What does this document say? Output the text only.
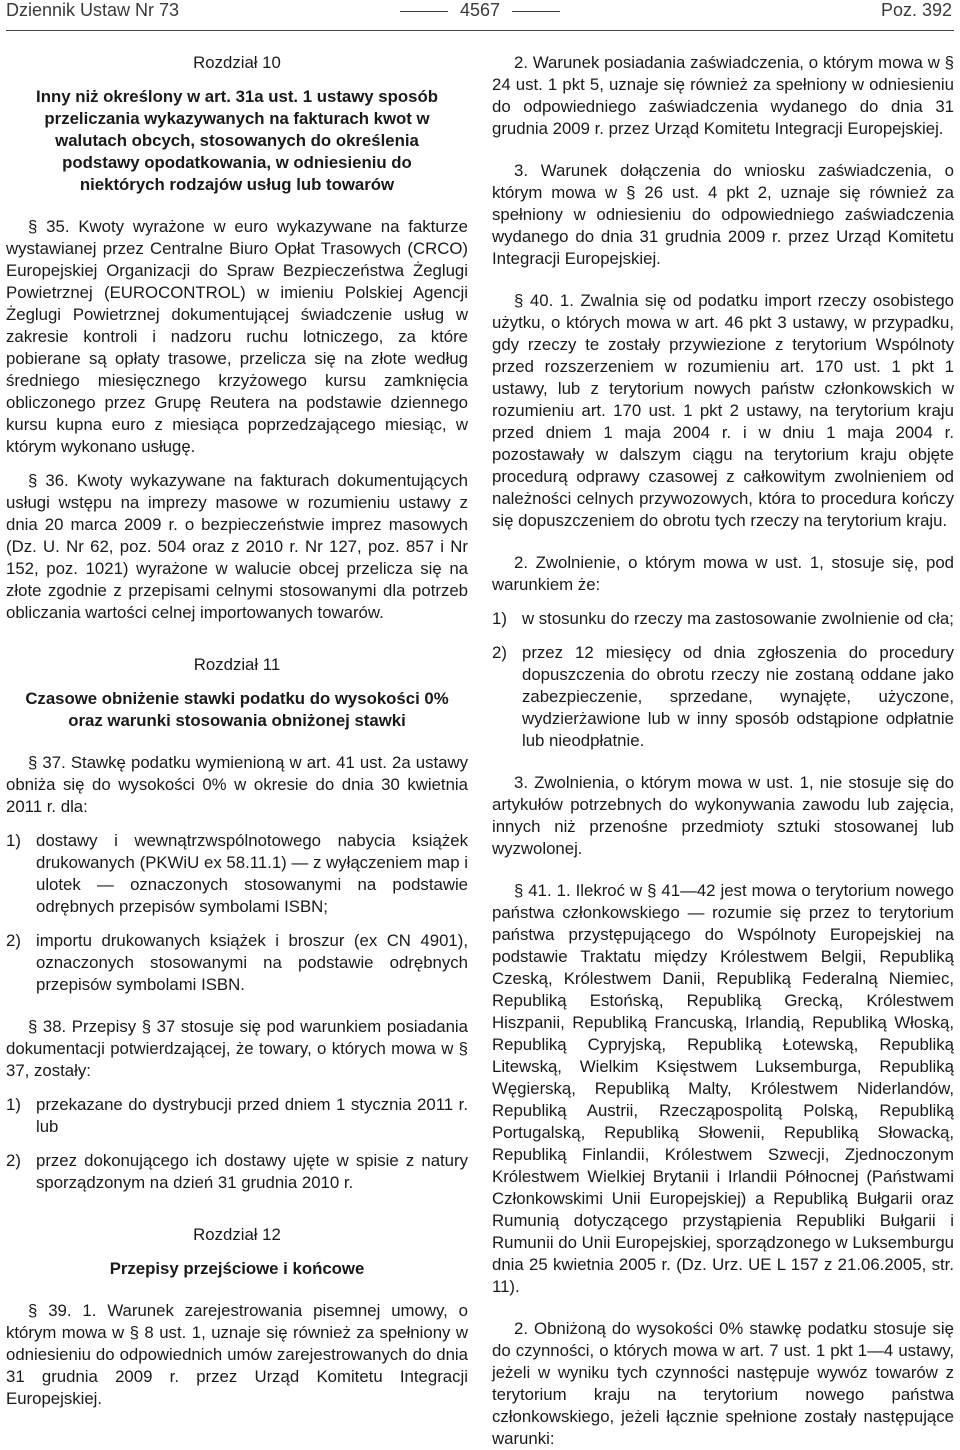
Dziennik Ustaw Nr 73	4567	Poz. 392

Rozdział 10

Inny niż określony w art. 31a ust. 1 ustawy sposób przeliczania wykazywanych na fakturach kwot w walutach obcych, stosowanych do określenia podstawy opodatkowania, w odniesieniu do niektórych rodzajów usług lub towarów

§ 35. Kwoty wyrażone w euro wykazywane na fakturze wystawianej przez Centralne Biuro Opłat Trasowych (CRCO) Europejskiej Organizacji do Spraw Bezpieczeństwa Żeglugi Powietrznej (EUROCONTROL) w imieniu Polskiej Agencji Żeglugi Powietrznej dokumentującej świadczenie usług w zakresie kontroli i nadzoru ruchu lotniczego, za które pobierane są opłaty trasowe, przelicza się na złote według średniego miesięcznego krzyżowego kursu zamknięcia obliczonego przez Grupę Reutera na podstawie dziennego kursu kupna euro z miesiąca poprzedzającego miesiąc, w którym wykonano usługę.

§ 36. Kwoty wykazywane na fakturach dokumentujących usługi wstępu na imprezy masowe w rozumieniu ustawy z dnia 20 marca 2009 r. o bezpieczeństwie imprez masowych (Dz. U. Nr 62, poz. 504 oraz z 2010 r. Nr 127, poz. 857 i Nr 152, poz. 1021) wyrażone w walucie obcej przelicza się na złote zgodnie z przepisami celnymi stosowanymi dla potrzeb obliczania wartości celnej importowanych towarów.

Rozdział 11

Czasowe obniżenie stawki podatku do wysokości 0% oraz warunki stosowania obniżonej stawki

§ 37. Stawkę podatku wymienioną w art. 41 ust. 2a ustawy obniża się do wysokości 0% w okresie do dnia 30 kwietnia 2011 r. dla:

1) dostawy i wewnątrzwspólnotowego nabycia książek drukowanych (PKWiU ex 58.11.1) — z wyłączeniem map i ulotek — oznaczonych stosowanymi na podstawie odrębnych przepisów symbolami ISBN;
2) importu drukowanych książek i broszur (ex CN 4901), oznaczonych stosowanymi na podstawie odrębnych przepisów symbolami ISBN.

§ 38. Przepisy § 37 stosuje się pod warunkiem posiadania dokumentacji potwierdzającej, że towary, o których mowa w § 37, zostały:

1) przekazane do dystrybucji przed dniem 1 stycznia 2011 r. lub
2) przez dokonującego ich dostawy ujęte w spisie z natury sporządzonym na dzień 31 grudnia 2010 r.

Rozdział 12

Przepisy przejściowe i końcowe

§ 39. 1. Warunek zarejestrowania pisemnej umowy, o którym mowa w § 8 ust. 1, uznaje się również za spełniony w odniesieniu do odpowiednich umów zarejestrowanych do dnia 31 grudnia 2009 r. przez Urząd Komitetu Integracji Europejskiej.

2. Warunek posiadania zaświadczenia, o którym mowa w § 24 ust. 1 pkt 5, uznaje się również za spełniony w odniesieniu do odpowiedniego zaświadczenia wydanego do dnia 31 grudnia 2009 r. przez Urząd Komitetu Integracji Europejskiej.

3. Warunek dołączenia do wniosku zaświadczenia, o którym mowa w § 26 ust. 4 pkt 2, uznaje się również za spełniony w odniesieniu do odpowiedniego zaświadczenia wydanego do dnia 31 grudnia 2009 r. przez Urząd Komitetu Integracji Europejskiej.

§ 40. 1. Zwalnia się od podatku import rzeczy osobistego użytku, o których mowa w art. 46 pkt 3 ustawy, w przypadku, gdy rzeczy te zostały przywiezione z terytorium Wspólnoty przed rozszerzeniem w rozumieniu art. 170 ust. 1 pkt 1 ustawy, lub z terytorium nowych państw członkowskich w rozumieniu art. 170 ust. 1 pkt 2 ustawy, na terytorium kraju przed dniem 1 maja 2004 r. i w dniu 1 maja 2004 r. pozostawały w dalszym ciągu na terytorium kraju objęte procedurą odprawy czasowej z całkowitym zwolnieniem od należności celnych przywozowych, która to procedura kończy się dopuszczeniem do obrotu tych rzeczy na terytorium kraju.

2. Zwolnienie, o którym mowa w ust. 1, stosuje się, pod warunkiem że:

1) w stosunku do rzeczy ma zastosowanie zwolnienie od cła;
2) przez 12 miesięcy od dnia zgłoszenia do procedury dopuszczenia do obrotu rzeczy nie zostaną oddane jako zabezpieczenie, sprzedane, wynajęte, użyczone, wydzierżawione lub w inny sposób odstąpione odpłatnie lub nieodpłatnie.

3. Zwolnienia, o którym mowa w ust. 1, nie stosuje się do artykułów potrzebnych do wykonywania zawodu lub zajęcia, innych niż przenośne przedmioty sztuki stosowanej lub wyzwolonej.

§ 41. 1. Ilekroć w § 41—42 jest mowa o terytorium nowego państwa członkowskiego — rozumie się przez to terytorium państwa przystępującego do Wspólnoty Europejskiej na podstawie Traktatu między Królestwem Belgii, Republiką Czeską, Królestwem Danii, Republiką Federalną Niemiec, Republiką Estońską, Republiką Grecką, Królestwem Hiszpanii, Republiką Francuską, Irlandią, Republiką Włoską, Republiką Cypryjską, Republiką Łotewską, Republiką Litewską, Wielkim Księstwem Luksemburga, Republiką Węgierską, Republiką Malty, Królestwem Niderlandów, Republiką Austrii, Rzecząpospolitą Polską, Republiką Portugalską, Republiką Słowenii, Republiką Słowacką, Republiką Finlandii, Królestwem Szwecji, Zjednoczonym Królestwem Wielkiej Brytanii i Irlandii Północnej (Państwami Członkowskimi Unii Europejskiej) a Republiką Bułgarii oraz Rumunią dotyczącego przystąpienia Republiki Bułgarii i Rumunii do Unii Europejskiej, sporządzonego w Luksemburgu dnia 25 kwietnia 2005 r. (Dz. Urz. UE L 157 z 21.06.2005, str. 11).

2. Obniżoną do wysokości 0% stawkę podatku stosuje się do czynności, o których mowa w art. 7 ust. 1 pkt 1—4 ustawy, jeżeli w wyniku tych czynności następuje wywóz towarów z terytorium kraju na terytorium nowego państwa członkowskiego, jeżeli łącznie spełnione zostały następujące warunki:
